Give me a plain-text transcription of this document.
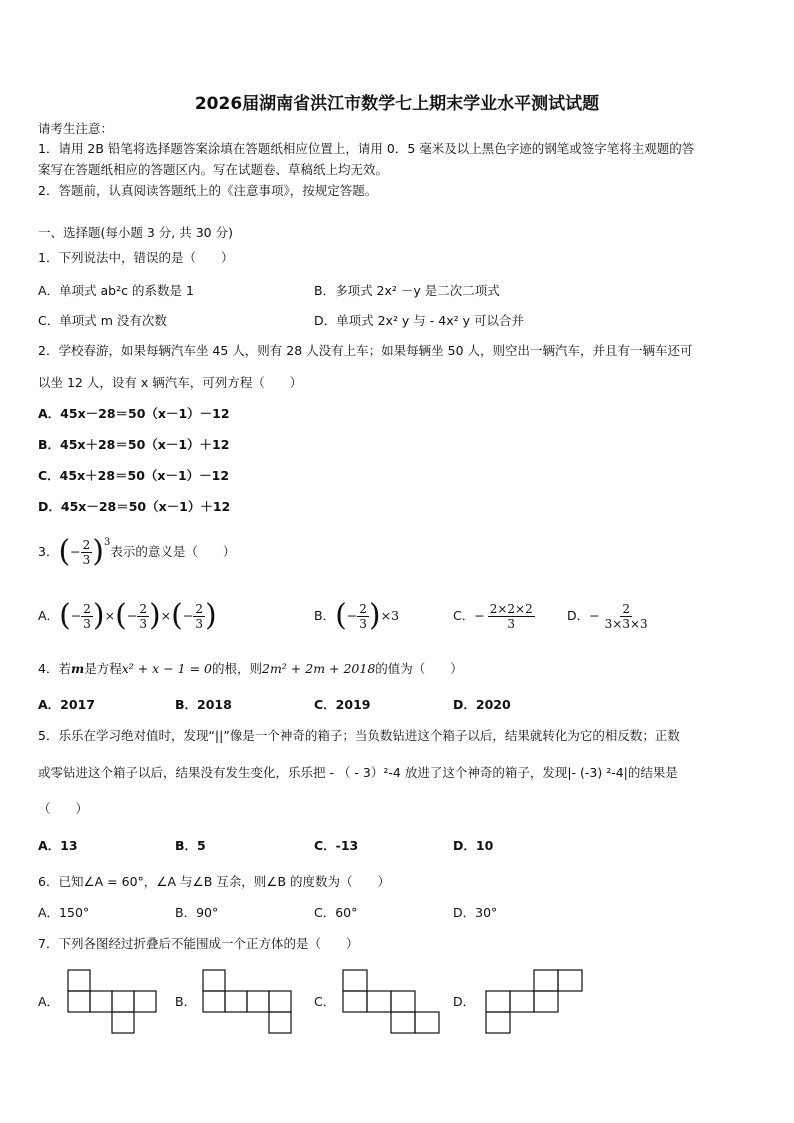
2026届湖南省洪江市数学七上期末学业水平测试试题
请考生注意：
1．请用 2B 铅笔将选择题答案涂填在答题纸相应位置上，请用 0．5 毫米及以上黑色字迹的钢笔或签字笔将主观题的答
案写在答题纸相应的答题区内。写在试题卷、草稿纸上均无效。
2．答题前，认真阅读答题纸上的《注意事项》，按规定答题。
一、选择题(每小题 3 分, 共 30 分)
1．下列说法中，错误的是（　　）
A．单项式 ab²c 的系数是 1	B．多项式 2x² －y 是二次二项式
C．单项式 m 没有次数	D．单项式 2x² y 与 - 4x² y 可以合并
2．学校春游，如果每辆汽车坐 45 人，则有 28 人没有上车；如果每辆坐 50 人，则空出一辆汽车，并且有一辆车还可
以坐 12 人，设有 x 辆汽车，可列方程（　　）
A．45x－28＝50（x－1）－12
B．45x＋28＝50（x－1）＋12
C．45x＋28＝50（x－1）－12
D．45x－28＝50（x－1）＋12
3． ( − $\frac{2}{3} )^3$
表示的意义是（　　）
A． ( − $\frac{2}{3}$ ) × ( − $\frac{2}{3}$ ) × ( − $\frac{2}{3}$ )	B． ( − $\frac{2}{3}$ ) ×3	C． − $\frac{2\times 2\times 2}{3}$	D． − $\frac{2}{3\times 3\times 3}$
4．若m是方程x² + x − 1 = 0的根，则2m² + 2m + 2018的值为（　　）
A．2017	B．2018	C．2019	D．2020
5．乐乐在学习绝对值时，发现“||”像是一个神奇的箱子；当负数钻进这个箱子以后，结果就转化为它的相反数；正数
或零钻进这个箱子以后，结果没有发生变化，乐乐把 - （ - 3）²-4 放进了这个神奇的箱子，发现|- (-3) ²-4|的结果是
（　　）
A．13	B．5	C．-13	D．10
6．已知∠A = 60°，∠A 与∠B 互余，则∠B 的度数为（　　）
A．150°	B．90°	C．60°	D．30°
7．下列各图经过折叠后不能围成一个正方体的是（　　）
A．	B．	C．	D．
